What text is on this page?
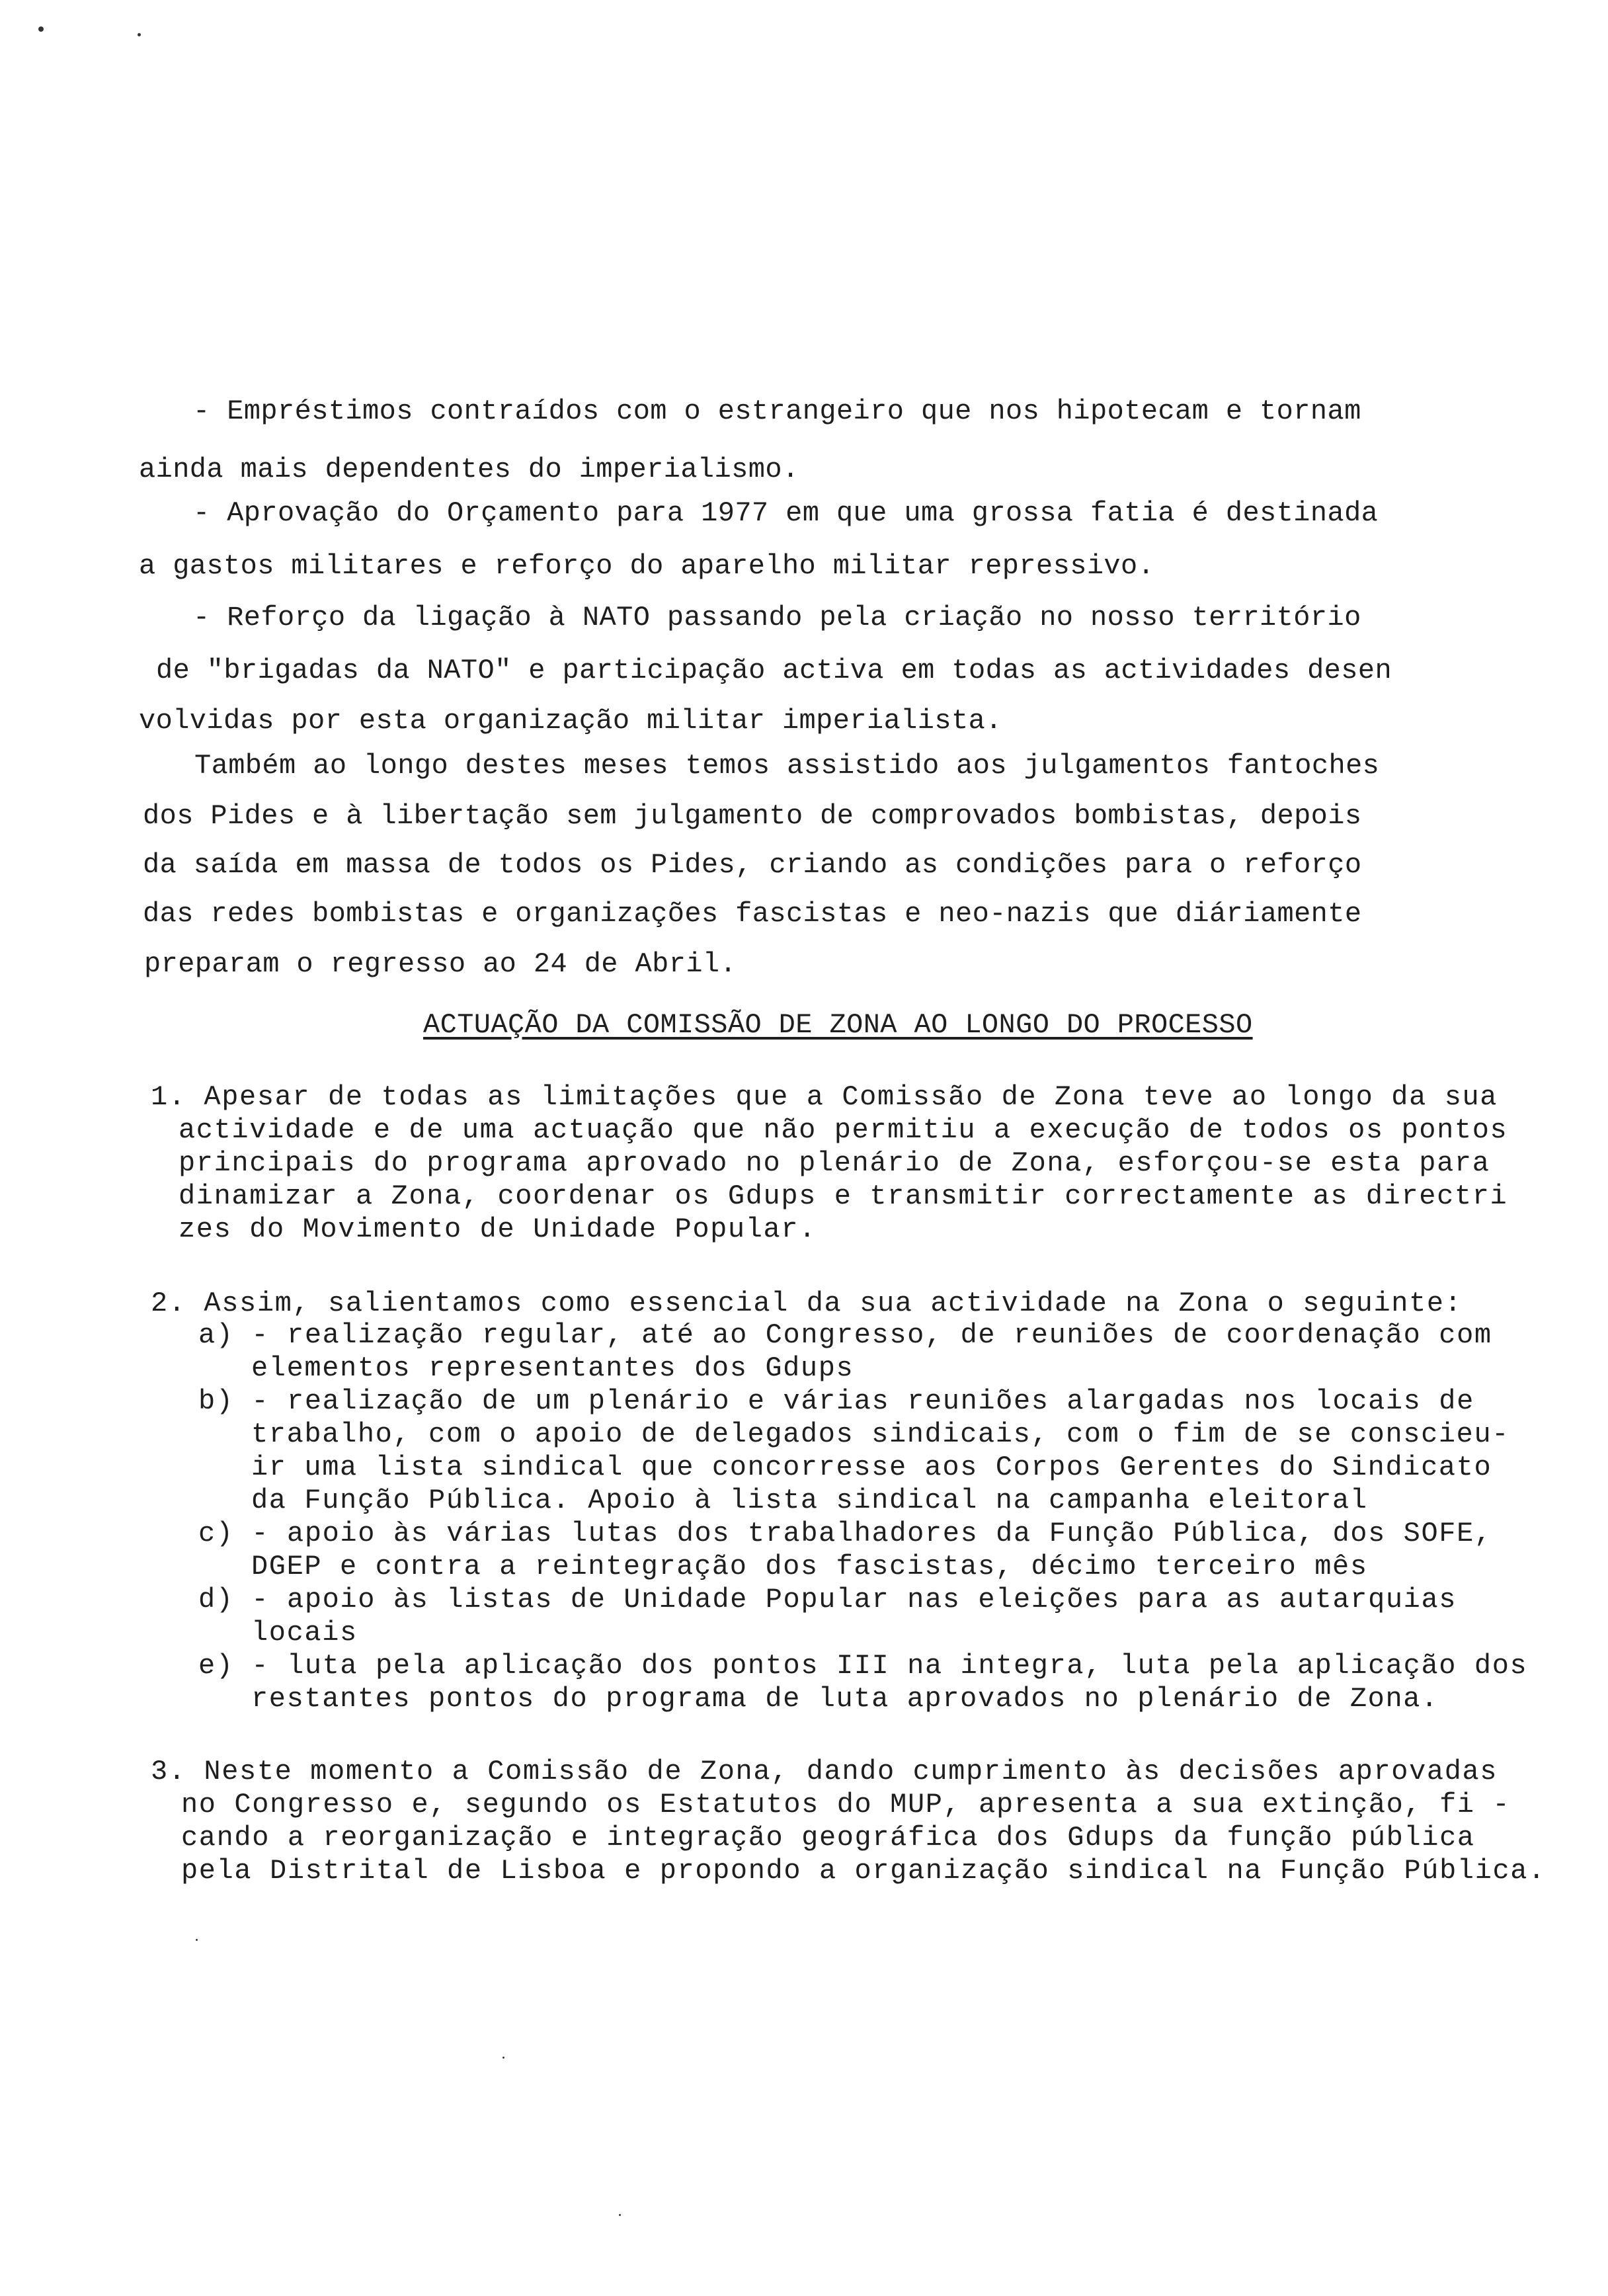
- Empréstimos contraídos com o estrangeiro que nos hipotecam e tornam
ainda mais dependentes do imperialismo.
- Aprovação do Orçamento para 1977 em que uma grossa fatia é destinada
a gastos militares e reforço do aparelho militar repressivo.
- Reforço da ligação à NATO passando pela criação no nosso território
de "brigadas da NATO" e participação activa em todas as actividades desen
volvidas por esta organização militar imperialista.
Também ao longo destes meses temos assistido aos julgamentos fantoches
dos Pides e à libertação sem julgamento de comprovados bombistas, depois
da saída em massa de todos os Pides, criando as condições para o reforço
das redes bombistas e organizações fascistas e neo-nazis que diáriamente
preparam o regresso ao 24 de Abril.
ACTUAÇÃO DA COMISSÃO DE ZONA AO LONGO DO PROCESSO
1. Apesar de todas as limitações que a Comissão de Zona teve ao longo da sua
actividade e de uma actuação que não permitiu a execução de todos os pontos
principais do programa aprovado no plenário de Zona, esforçou-se esta para
dinamizar a Zona, coordenar os Gdups e transmitir correctamente as directri
zes do Movimento de Unidade Popular.
2. Assim, salientamos como essencial da sua actividade na Zona o seguinte:
a) - realização regular, até ao Congresso, de reuniões de coordenação com
elementos representantes dos Gdups
b) - realização de um plenário e várias reuniões alargadas nos locais de
trabalho, com o apoio de delegados sindicais, com o fim de se conscieu-
ir uma lista sindical que concorresse aos Corpos Gerentes do Sindicato
da Função Pública. Apoio à lista sindical na campanha eleitoral
c) - apoio às várias lutas dos trabalhadores da Função Pública, dos SOFE,
DGEP e contra a reintegração dos fascistas, décimo terceiro mês
d) - apoio às listas de Unidade Popular nas eleições para as autarquias
locais
e) - luta pela aplicação dos pontos III na integra, luta pela aplicação dos
restantes pontos do programa de luta aprovados no plenário de Zona.
3. Neste momento a Comissão de Zona, dando cumprimento às decisões aprovadas
no Congresso e, segundo os Estatutos do MUP, apresenta a sua extinção, fi -
cando a reorganização e integração geográfica dos Gdups da função pública
pela Distrital de Lisboa e propondo a organização sindical na Função Pública.
